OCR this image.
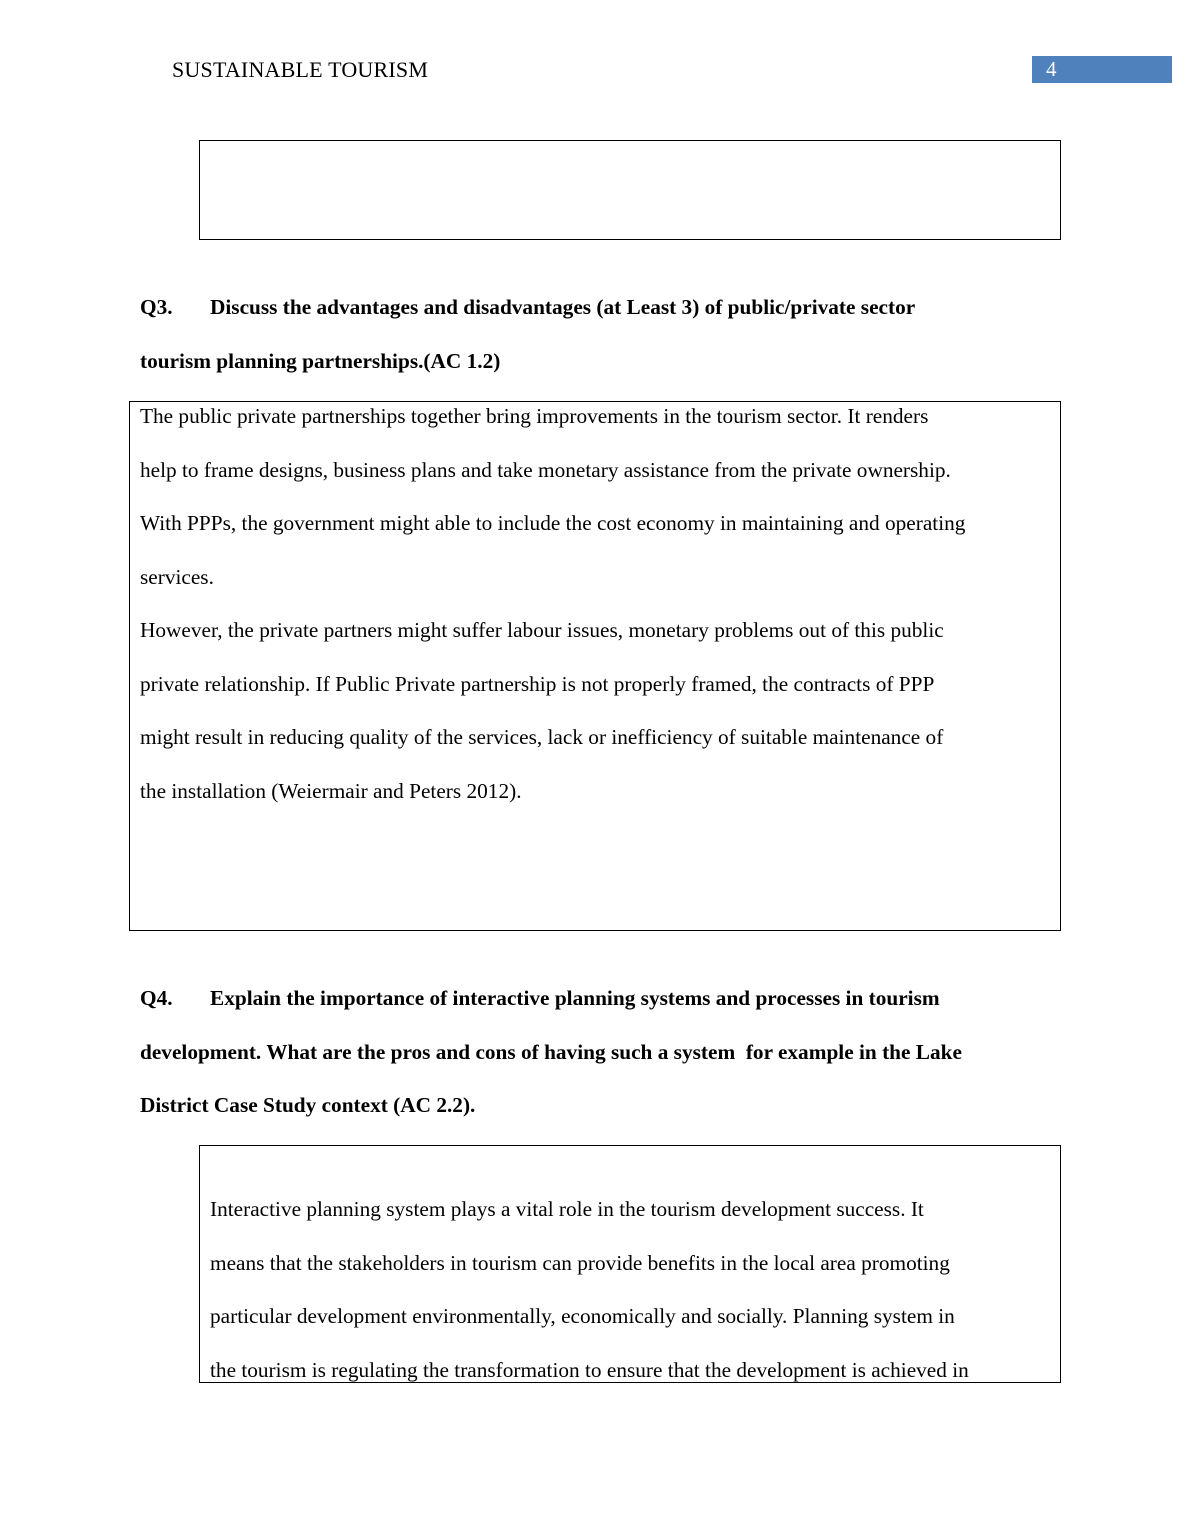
SUSTAINABLE TOURISM	4
Q3. Discuss the advantages and disadvantages (at Least 3) of public/private sector
tourism planning partnerships.(AC 1.2)
The public private partnerships together bring improvements in the tourism sector. It renders
help to frame designs, business plans and take monetary assistance from the private ownership.
With PPPs, the government might able to include the cost economy in maintaining and operating
services.
However, the private partners might suffer labour issues, monetary problems out of this public
private relationship. If Public Private partnership is not properly framed, the contracts of PPP
might result in reducing quality of the services, lack or inefficiency of suitable maintenance of
the installation (Weiermair and Peters 2012).
Q4. Explain the importance of interactive planning systems and processes in tourism
development. What are the pros and cons of having such a system  for example in the Lake
District Case Study context (AC 2.2).
Interactive planning system plays a vital role in the tourism development success. It
means that the stakeholders in tourism can provide benefits in the local area promoting
particular development environmentally, economically and socially. Planning system in
the tourism is regulating the transformation to ensure that the development is achieved in
